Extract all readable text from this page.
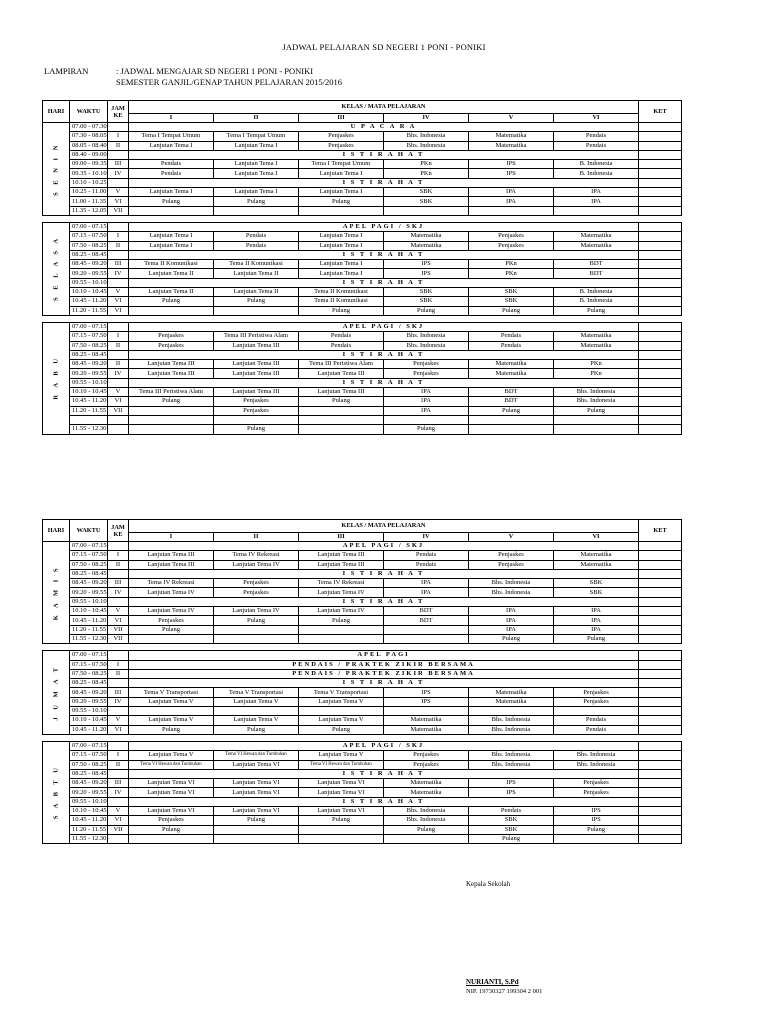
JADWAL PELAJARAN SD NEGERI 1 PONI - PONIKI
LAMPIRAN	: JADWAL MENGAJAR SD NEGERI 1 PONI - PONIKI
SEMESTER GANJIL/GENAP TAHUN PELAJARAN 2015/2016
HARI	WAKTU	JAM KE	KELAS / MATA PELAJARAN						KET
			I	II	III	IV	V	VI	
S E N I N	07.00 - 07.30		U P A C A R A						
	07.30 - 08.05	I	Tema I Tempat Umum	Tema I Tempat Umum	Penjaskes	Bhs. Indonesia	Matematika	Pendais	
	08.05 - 08.40	II	Lanjutan Tema I	Lanjutan Tema I	Penjaskes	Bhs. Indonesia	Matematika	Pendais	
	08.40 - 09.00		I S T I R A H A T						
	09.00 - 09.35	III	Pendais	Lanjutan Tema I	Tema I Tempat Umum	PKn	IPS	B. Indonesia	
	09.35 - 10.10	IV	Pendais	Lanjutan Tema I	Lanjutan Tema I	PKn	IPS	B. Indonesia	
	10.10 - 10.25		I S T I R A H A T						
	10.25 - 11.00	V	Lanjutan Tema I	Lanjutan Tema I	Lanjutan Tema I	SBK	IPA	IPA	
	11.00 - 11.35	VI	Pulang	Pulang	Pulang	SBK	IPA	IPA	
	11.35 - 12.05	VII							

S E L A S A	07.00 - 07.15		APEL PAGI / SKJ						
	07.15 - 07.50	I	Lanjutan Tema I	Pendais	Lanjutan Tema I	Matematika	Penjaskes	Matematika	
	07.50 - 08.25	II	Lanjutan Tema I	Pendais	Lanjutan Tema I	Matematika	Penjaskes	Matematika	
	08.25 - 08.45		I S T I R A H A T						
	08.45 - 09.20	III	Tema II Komunikasi	Tema II Komunikasi	Lanjutan Tema I	IPS	PKn	BDT	
	09.20 - 09.55	IV	Lanjutan Tema II	Lanjutan Tema II	Lanjutan Tema I	IPS	PKn	BDT	
	09.55 - 10.10		I S T I R A H A T						
	10.10 - 10.45	V	Lanjutan Tema II	Lanjutan Tema II	Tema II Komunikasi	SBK	SBK	B. Indonesia	
	10.45 - 11.20	VI	Pulang	Pulang	Tema II Komunikasi	SBK	SBK	B. Indonesia	
	11.20 - 11.55	VI			Pulang	Pulang	Pulang	Pulang	

R A B U	07.00 - 07.15		APEL PAGI / SKJ						
	07.15 - 07.50	I	Penjaskes	Tema III Peristiwa Alam	Pendais	Bhs. Indonesia	Pendais	Matematika	
	07.50 - 08.25	II	Penjaskes	Lanjutan Tema III	Pendais	Bhs. Indonesia	Pendais	Matematika	
	08.25 - 08.45		I S T I R A H A T						
	08.45 - 09.20	II	Lanjutan Tema III	Lanjutan Tema III	Tema III Peristiwa Alam	Penjaskes	Matematika	PKn	
	09.20 - 09.55	IV	Lanjutan Tema III	Lanjutan Tema III	Lanjutan Tema III	Penjaskes	Matematika	PKn	
	09.55 - 10.10		I S T I R A H A T						
	10.10 - 10.45	V	Tema III Peristiwa Alam	Lanjutan Tema III	Lanjutan Tema III	IPA	BDT	Bhs. Indonesia	
	10.45 - 11.20	VI	Pulang	Penjaskes	Pulang	IPA	BDT	Bhs. Indonesia	
	11.20 - 11.55	VII		Penjaskes		IPA	Pulang	Pulang	

	11.55 - 12.30			Pulang		Pulang			
HARI	WAKTU	JAM KE	KELAS / MATA PELAJARAN						KET
			I	II	III	IV	V	VI	
K A M I S	07.00 - 07.15		APEL PAGI / SKJ						
	07.15 - 07.50	I	Lanjutan Tema III	Tema IV Rekreasi	Lanjutan Tema III	Pendais	Penjaskes	Matematika	
	07.50 - 08.25	II	Lanjutan Tema III	Lanjutan Tema IV	Lanjutan Tema III	Pendais	Penjaskes	Matematika	
	08.25 - 08.45		I S T I R A H A T						
	08.45 - 09.20	III	Tema IV Rekreasi	Penjaskes	Tema IV Rekreasi	IPA	Bhs. Indonesia	SBK	
	09.20 - 09.55	IV	Lanjutan Tema IV	Penjaskes	Lanjutan Tema IV	IPA	Bhs. Indonesia	SBK	
	09.55 - 10.10		I S T I R A H A T						
	10.10 - 10.45	V	Lanjutan Tema IV	Lanjutan Tema IV	Lanjutan Tema IV	BDT	IPA	IPA	
	10.45 - 11.20	VI	Penjaskes	Pulang	Pulang	BDT	IPA	IPA	
	11.20 - 11.55	VII	Pulang				IPA	IPA	
	11.55 - 12.30	VII					Pulang	Pulang	

J U M A T	07.00 - 07.15		APEL PAGI						
	07.15 - 07.50	I	PENDAIS / PRAKTEK ZIKIR BERSAMA						
	07.50 - 08.25	II	PENDAIS / PRAKTEK ZIKIR BERSAMA						
	08.25 - 08.45		I S T I R A H A T						
	08.45 - 09.20	III	Tema V Transportasi	Tema V Transportasi	Tema V Transportasi	IPS	Matematika	Penjaskes	
	09.20 - 09.55	IV	Lanjutan Tema V	Lanjutan Tema V	Lanjutan Tema V	IPS	Matematika	Penjaskes	
	09.55 - 10.10								
	10.10 - 10.45	V	Lanjutan Tema V	Lanjutan Tema V	Lanjutan Tema V	Matematika	Bhs. Indonesia	Pendais	
	10.45 - 11.20	VI	Pulang	Pulang	Pulang	Matematika	Bhs. Indonesia	Pendais	

S A B T U	07.00 - 07.15		APEL PAGI / SKJ						
	07.15 - 07.50	I	Lanjutan Tema V	Tema VI Hewan dan Tumbuhan	Lanjutan Tema V	Penjaskes	Bhs. Indonesia	Bhs. Indonesia	
	07.50 - 08.25	II	Tema VI Hewan dan Tumbuhan	Lanjutan Tema VI	Tema VI Hewan dan Tumbuhan	Penjaskes	Bhs. Indonesia	Bhs. Indonesia	
	08.25 - 08.45		I S T I R A H A T						
	08.45 - 09.20	III	Lanjutan Tema VI	Lanjutan Tema VI	Lanjutan Tema VI	Matematika	IPS	Penjaskes	
	09.20 - 09.55	IV	Lanjutan Tema VI	Lanjutan Tema VI	Lanjutan Tema VI	Matematika	IPS	Penjaskes	
	09.55 - 10.10		I S T I R A H A T						
	10.10 - 10.45	V	Lanjutan Tema VI	Lanjutan Tema VI	Lanjutan Tema VI	Bhs. Indonesia	Pendais	IPS	
	10.45 - 11.20	VI	Penjaskes	Pulang	Pulang	Bhs. Indonesia	SBK	IPS	
	11.20 - 11.55	VII	Pulang			Pulang	SBK	Pulang	
	11.55 - 12.30						Pulang		
Kepala Sekolah
NURIANTI, S.Pd
NIP. 19730327 199304 2 001
